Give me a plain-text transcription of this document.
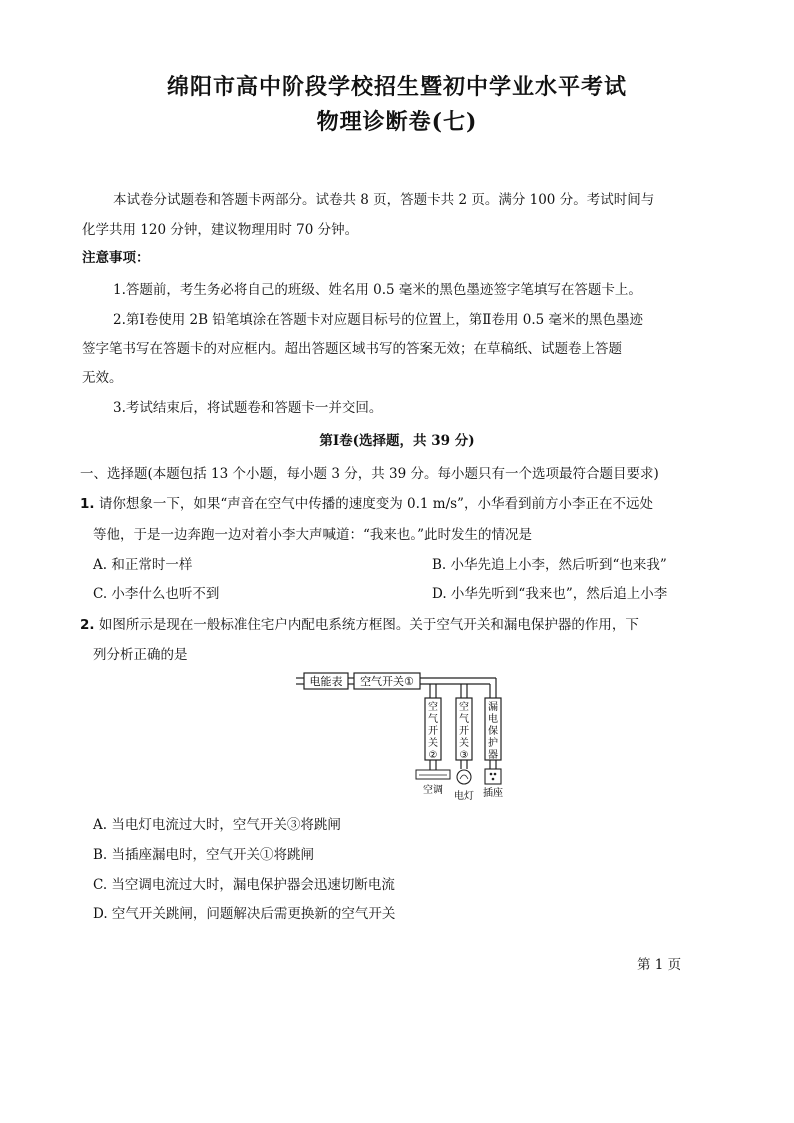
绵阳市高中阶段学校招生暨初中学业水平考试
物理诊断卷(七)
本试卷分试题卷和答题卡两部分。试卷共 8 页，答题卡共 2 页。满分 100 分。考试时间与
化学共用 120 分钟，建议物理用时 70 分钟。
注意事项：
1.答题前，考生务必将自己的班级、姓名用 0.5 毫米的黑色墨迹签字笔填写在答题卡上。
2.第Ⅰ卷使用 2B 铅笔填涂在答题卡对应题目标号的位置上，第Ⅱ卷用 0.5 毫米的黑色墨迹
签字笔书写在答题卡的对应框内。超出答题区域书写的答案无效；在草稿纸、试题卷上答题
无效。
3.考试结束后，将试题卷和答题卡一并交回。
第Ⅰ卷(选择题，共 39 分)
一、选择题(本题包括 13 个小题，每小题 3 分，共 39 分。每小题只有一个选项最符合题目要求)
1. 请你想象一下，如果“声音在空气中传播的速度变为 0.1 m/s”，小华看到前方小李正在不远处
等他，于是一边奔跑一边对着小李大声喊道：“我来也。”此时发生的情况是
A. 和正常时一样	B. 小华先追上小李，然后听到“也来我”
C. 小李什么也听不到	D. 小华先听到“我来也”，然后追上小李
2. 如图所示是现在一般标准住宅户内配电系统方框图。关于空气开关和漏电保护器的作用，下
列分析正确的是
电能表 空气开关①
空
气
开
关
②
空
气
开
关
③
漏
电
保
护
器
空调
电灯 插座
A. 当电灯电流过大时，空气开关③将跳闸
B. 当插座漏电时，空气开关①将跳闸
C. 当空调电流过大时，漏电保护器会迅速切断电流
D. 空气开关跳闸，问题解决后需更换新的空气开关
第 1 页
